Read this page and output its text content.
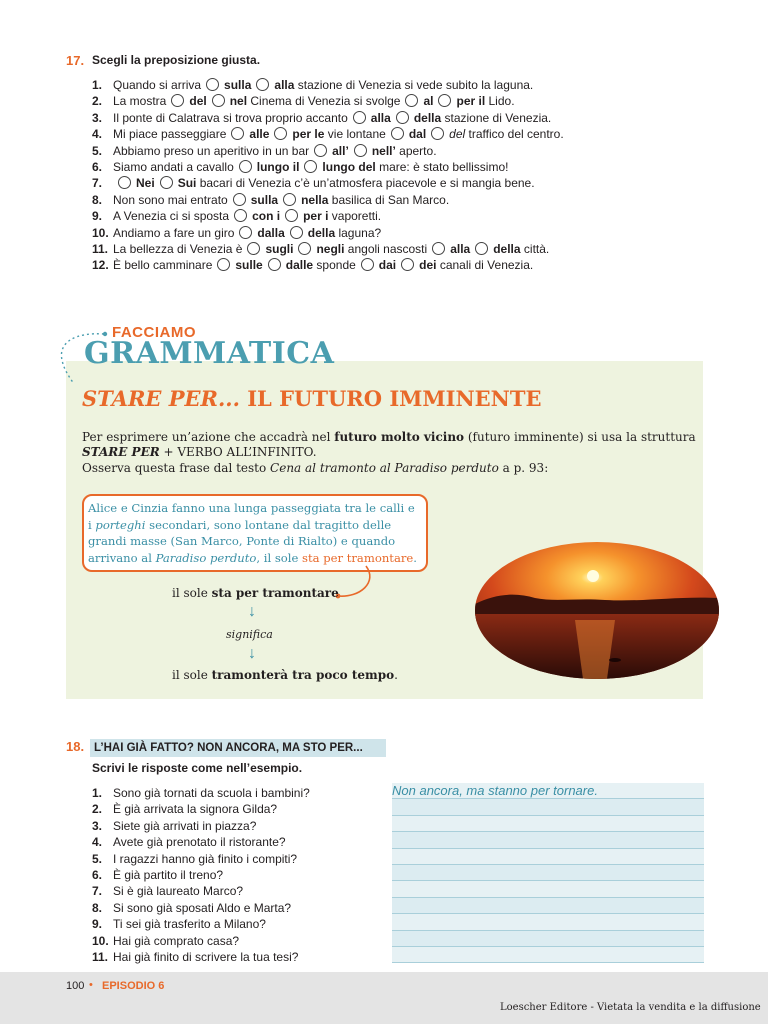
17. Scegli la preposizione giusta.
1. Quando si arriva sulla alla stazione di Venezia si vede subito la laguna.
2. La mostra del nel Cinema di Venezia si svolge al per il Lido.
3. Il ponte di Calatrava si trova proprio accanto alla della stazione di Venezia.
4. Mi piace passeggiare alle per le vie lontane dal del traffico del centro.
5. Abbiamo preso un aperitivo in un bar all’ nell’ aperto.
6. Siamo andati a cavallo lungo il lungo del mare: è stato bellissimo!
7.	Nei Sui bacari di Venezia c’è un’atmosfera piacevole e si mangia bene.
8. Non sono mai entrato sulla nella basilica di San Marco.
9. A Venezia ci si sposta con i per i vaporetti.
10. Andiamo a fare un giro dalla della laguna?
11. La bellezza di Venezia è sugli negli angoli nascosti alla della città.
12. È bello camminare sulle dalle sponde dai dei canali di Venezia.
FACCIAMO
GRAMMATICA
STARE PER... IL FUTURO IMMINENTE
Per esprimere un’azione che accadrà nel futuro molto vicino (futuro imminente) si usa la struttura
STARE PER + VERBO ALL’INFINITO.
Osserva questa frase dal testo Cena al tramonto al Paradiso perduto a p. 93:
Alice e Cinzia fanno una lunga passeggiata tra le calli e i porteghi secondari, sono lontane dal tragitto delle grandi masse (San Marco, Ponte di Rialto) e quando arrivano al Paradiso perduto, il sole sta per tramontare.
il sole sta per tramontare
↓
significa
↓
il sole tramonterà tra poco tempo.
18. L’HAI GIÀ FATTO? NON ANCORA, MA STO PER...
Scrivi le risposte come nell’esempio.
1. Sono già tornati da scuola i bambini?
2. È già arrivata la signora Gilda?
3. Siete già arrivati in piazza?
4. Avete già prenotato il ristorante?
5. I ragazzi hanno già finito i compiti?
6. È già partito il treno?
7. Si è già laureato Marco?
8. Si sono già sposati Aldo e Marta?
9. Ti sei già trasferito a Milano?
10. Hai già comprato casa?
11. Hai già finito di scrivere la tua tesi?
Non ancora, ma stanno per tornare.
100 • EPISODIO 6
Loescher Editore - Vietata la vendita e la diffusione
